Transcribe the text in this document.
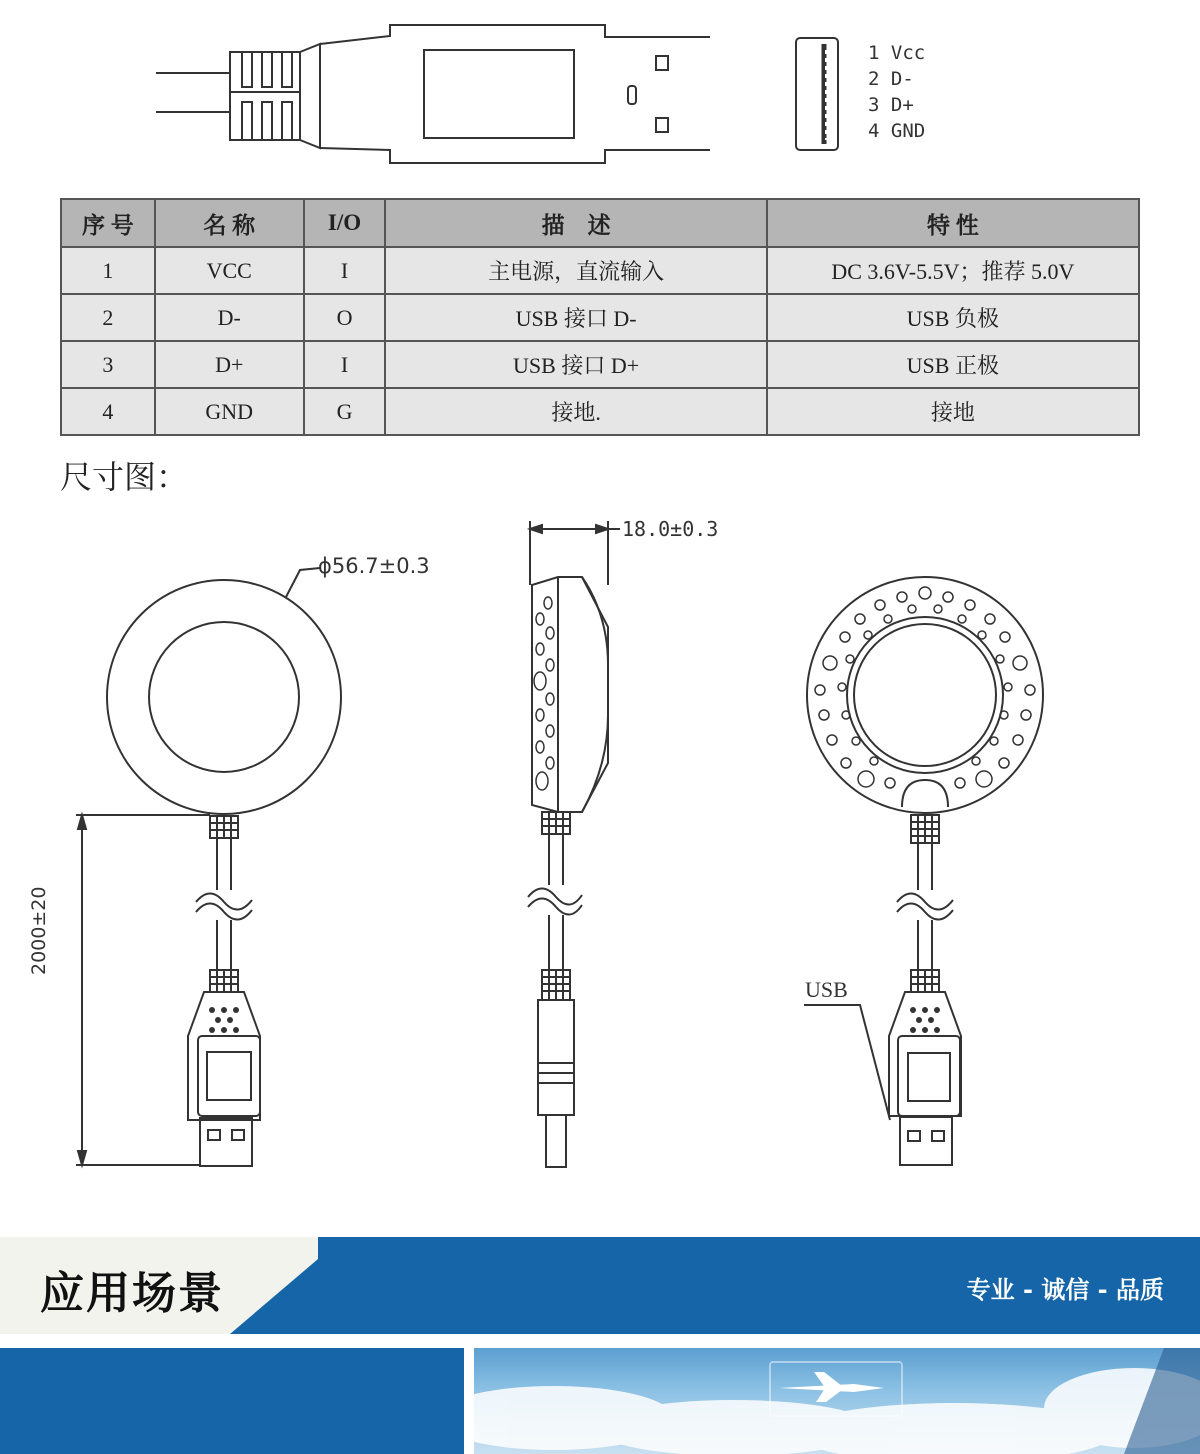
1 Vcc
2 D-
3 D+
4 GND
序 号	名 称	I/O	描　述	特 性
1	VCC	I	主电源，直流输入	DC 3.6V-5.5V；推荐 5.0V
2	D-	O	USB 接口 D-	USB 负极
3	D+	I	USB 接口 D+	USB 正极
4	GND	G	接地.	接地
尺寸图：
ϕ56.7±0.3
2000±20
18.0±0.3
USB
应用场景	专业 - 诚信 - 品质
